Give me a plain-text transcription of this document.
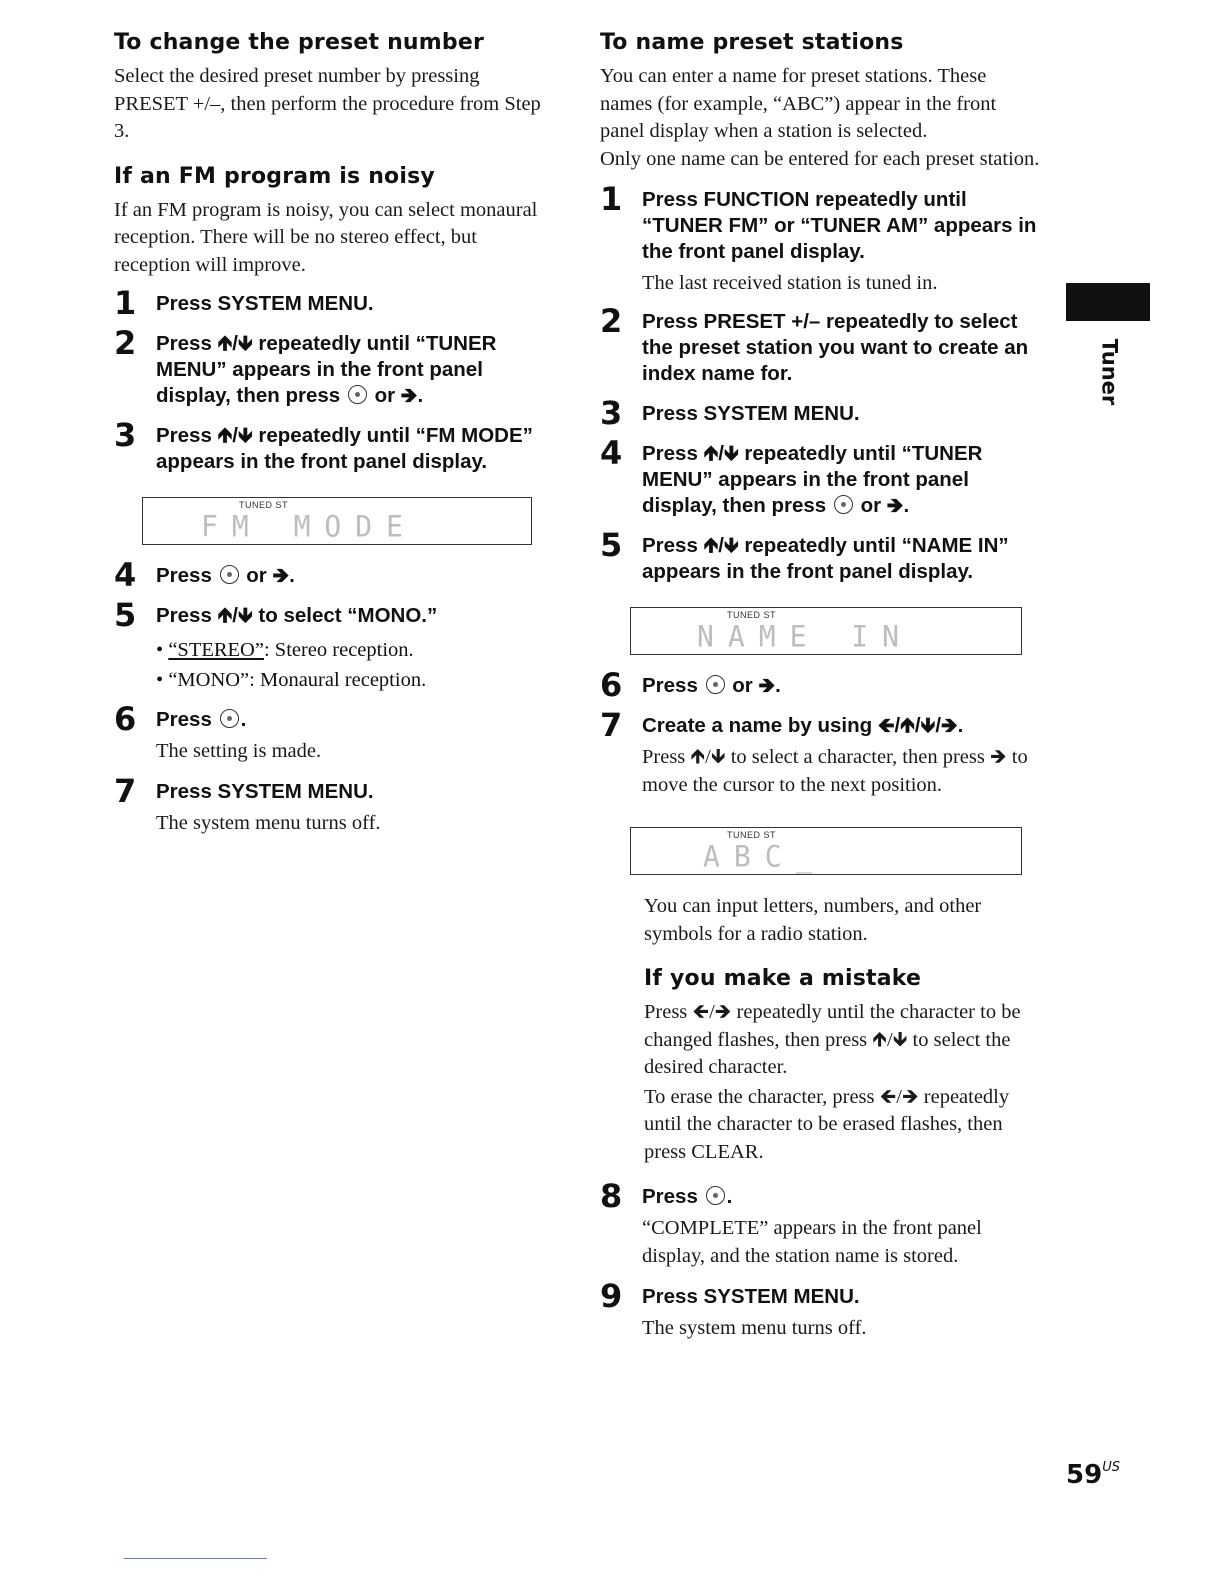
To change the preset number

Select the desired preset number by pressing PRESET +/–, then perform the procedure from Step 3.

If an FM program is noisy

If an FM program is noisy, you can select monaural reception. There will be no stereo effect, but reception will improve.

1 Press SYSTEM MENU.
2 Press 🡹/🡻 repeatedly until “TUNER MENU” appears in the front panel display, then press  or 🡺.
3 Press 🡹/🡻 repeatedly until “FM MODE” appears in the front panel display.
TUNED ST
FM MODE
4 Press  or 🡺.
5 Press 🡹/🡻 to select “MONO.”
• “STEREO”: Stereo reception.
• “MONO”: Monaural reception.
6 Press .
The setting is made.
7 Press SYSTEM MENU.
The system menu turns off.
To name preset stations

You can enter a name for preset stations. These names (for example, “ABC”) appear in the front panel display when a station is selected.

Only one name can be entered for each preset station.

1 Press FUNCTION repeatedly until “TUNER FM” or “TUNER AM” appears in the front panel display.
The last received station is tuned in.
2 Press PRESET +/– repeatedly to select the preset station you want to create an index name for.
3 Press SYSTEM MENU.
4 Press 🡹/🡻 repeatedly until “TUNER MENU” appears in the front panel display, then press  or 🡺.
5 Press 🡹/🡻 repeatedly until “NAME IN” appears in the front panel display.
TUNED ST
NAME IN
6 Press  or 🡺.
7 Create a name by using 🡸/🡹/🡻/🡺.
Press 🡹/🡻 to select a character, then press 🡺 to move the cursor to the next position.
TUNED ST
ABC_

You can input letters, numbers, and other symbols for a radio station.

If you make a mistake

Press 🡸/🡺 repeatedly until the character to be changed flashes, then press 🡹/🡻 to select the desired character.

To erase the character, press 🡸/🡺 repeatedly until the character to be erased flashes, then press CLEAR.

8 Press .
“COMPLETE” appears in the front panel display, and the station name is stored.
9 Press SYSTEM MENU.
The system menu turns off.
Tuner
$59^{US}$
